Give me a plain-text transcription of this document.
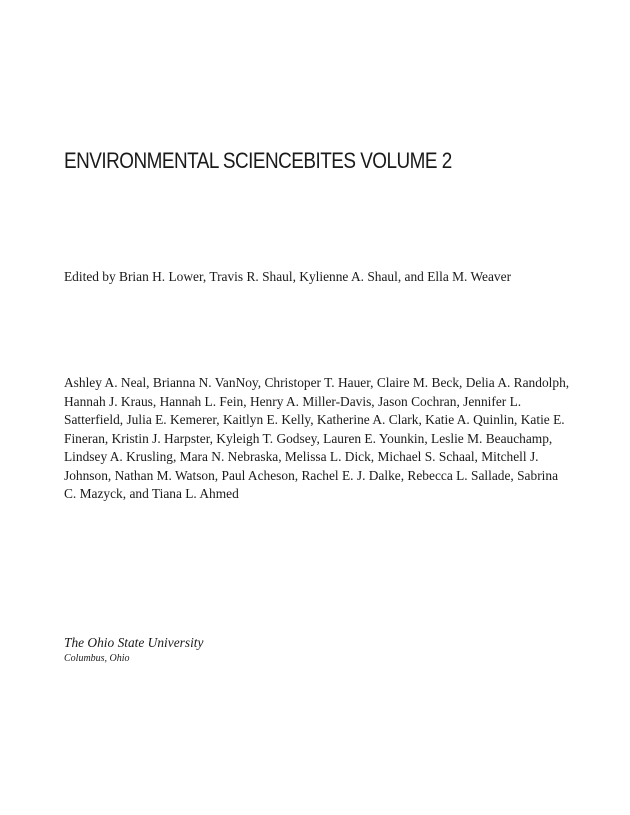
ENVIRONMENTAL SCIENCEBITES VOLUME 2

Edited by Brian H. Lower, Travis R. Shaul, Kylienne A. Shaul, and Ella M. Weaver

Ashley A. Neal, Brianna N. VanNoy, Christoper T. Hauer, Claire M. Beck, Delia A. Randolph, Hannah J. Kraus, Hannah L. Fein, Henry A. Miller-Davis, Jason Cochran, Jennifer L. Satterfield, Julia E. Kemerer, Kaitlyn E. Kelly, Katherine A. Clark, Katie A. Quinlin, Katie E. Fineran, Kristin J. Harpster, Kyleigh T. Godsey, Lauren E. Younkin, Leslie M. Beauchamp, Lindsey A. Krusling, Mara N. Nebraska, Melissa L. Dick, Michael S. Schaal, Mitchell J. Johnson, Nathan M. Watson, Paul Acheson, Rachel E. J. Dalke, Rebecca L. Sallade, Sabrina C. Mazyck, and Tiana L. Ahmed

The Ohio State University

Columbus, Ohio
